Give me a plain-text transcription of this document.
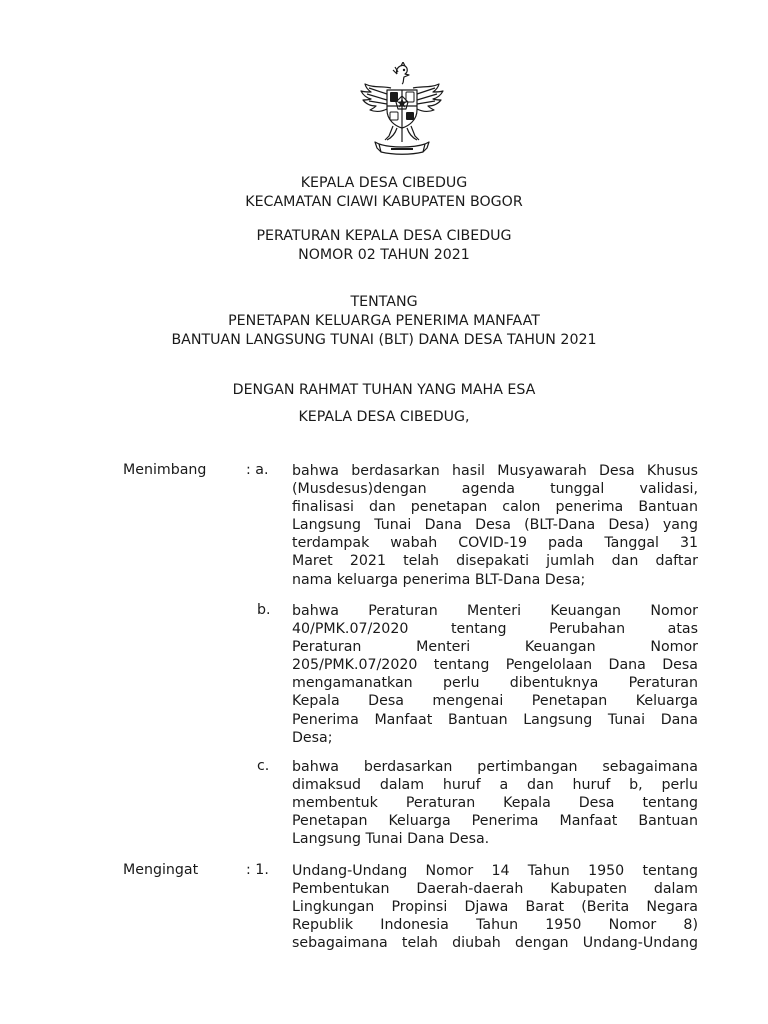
KEPALA DESA CIBEDUG
KECAMATAN CIAWI KABUPATEN BOGOR
PERATURAN KEPALA DESA CIBEDUG
NOMOR 02 TAHUN 2021
TENTANG
PENETAPAN KELUARGA PENERIMA MANFAAT
BANTUAN LANGSUNG TUNAI (BLT) DANA DESA TAHUN 2021
DENGAN RAHMAT TUHAN YANG MAHA ESA
KEPALA DESA CIBEDUG,
Menimbang	: a. bahwa berdasarkan hasil Musyawarah Desa Khusus
(Musdesus)dengan agenda tunggal validasi,
finalisasi dan penetapan calon penerima Bantuan
Langsung Tunai Dana Desa (BLT-Dana Desa) yang
terdampak wabah COVID-19 pada Tanggal 31
Maret 2021 telah disepakati jumlah dan daftar
nama keluarga penerima BLT-Dana Desa;
b. bahwa Peraturan Menteri Keuangan Nomor
40/PMK.07/2020 tentang Perubahan atas
Peraturan Menteri Keuangan Nomor
205/PMK.07/2020 tentang Pengelolaan Dana Desa
mengamanatkan perlu dibentuknya Peraturan
Kepala Desa mengenai Penetapan Keluarga
Penerima Manfaat Bantuan Langsung Tunai Dana
Desa;
c. bahwa berdasarkan pertimbangan sebagaimana
dimaksud dalam huruf a dan huruf b, perlu
membentuk Peraturan Kepala Desa tentang
Penetapan Keluarga Penerima Manfaat Bantuan
Langsung Tunai Dana Desa.
Mengingat	: 1. Undang-Undang Nomor 14 Tahun 1950 tentang
Pembentukan Daerah-daerah Kabupaten dalam
Lingkungan Propinsi Djawa Barat (Berita Negara
Republik Indonesia Tahun 1950 Nomor 8)
sebagaimana telah diubah dengan Undang-Undang
